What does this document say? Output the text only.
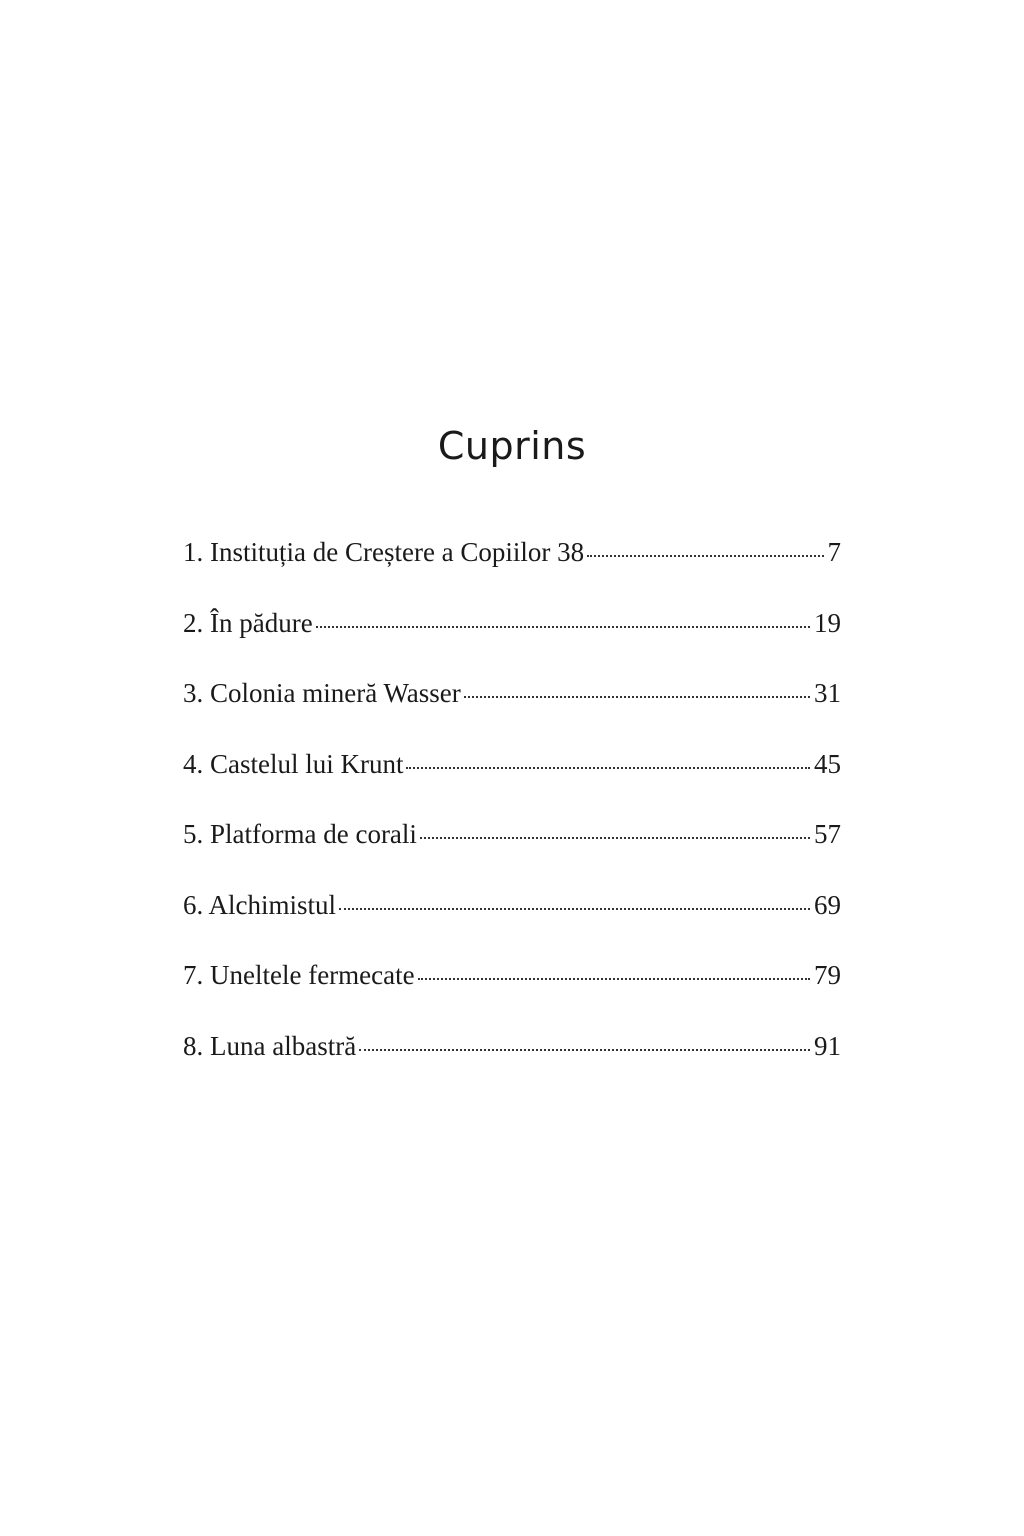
Cuprins
1. Instituția de Creștere a Copiilor 38	7
2. În pădure	19
3. Colonia mineră Wasser	31
4. Castelul lui Krunt	45
5. Platforma de corali	57
6. Alchimistul	69
7. Uneltele fermecate	79
8. Luna albastră	91
